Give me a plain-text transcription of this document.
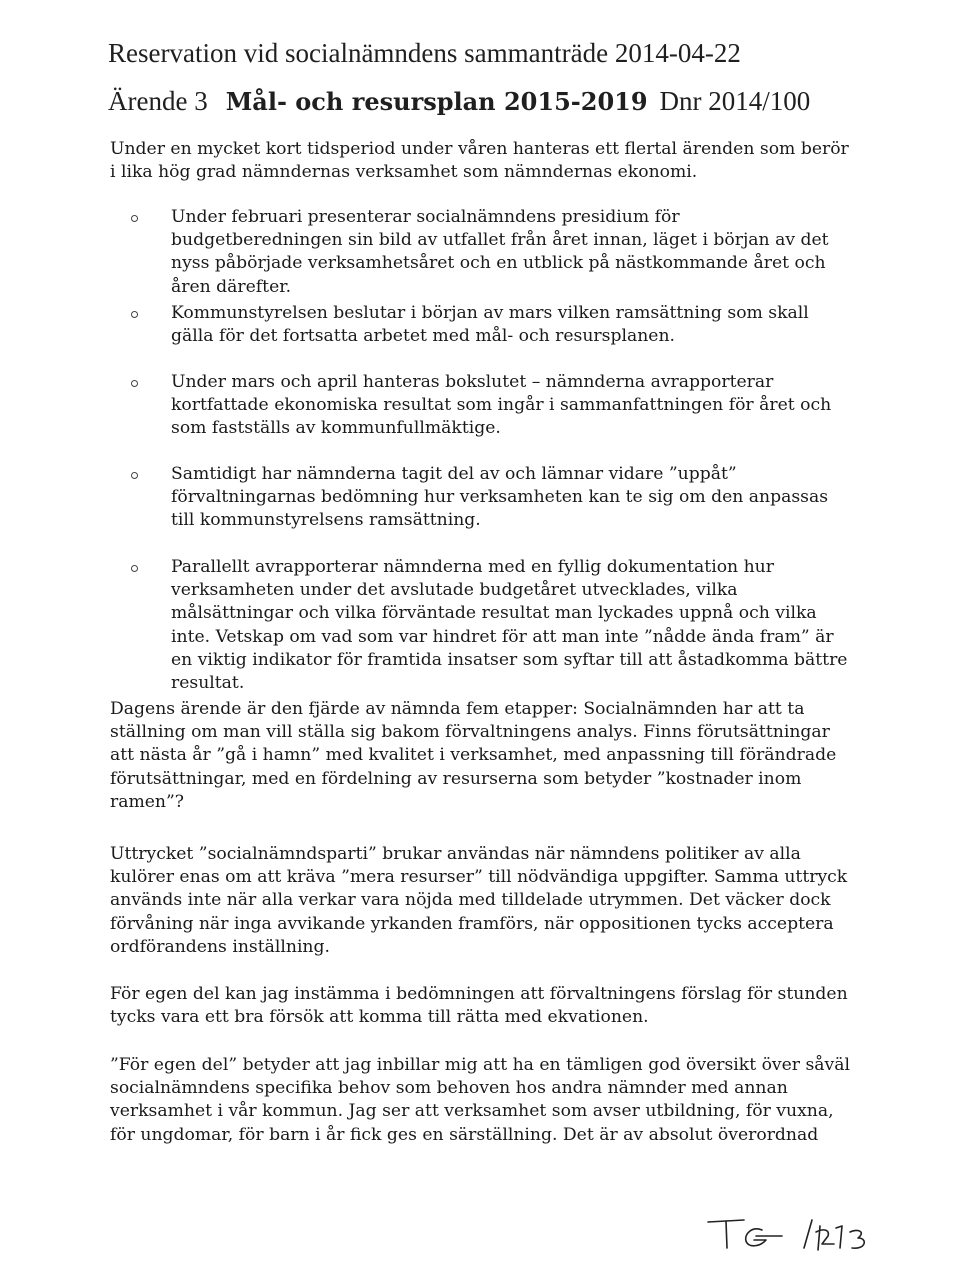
Reservation vid socialnämndens sammanträde 2014-04-22
Ärende 3 Mål- och resursplan 2015-2019 Dnr 2014/100
Under en mycket kort tidsperiod under våren hanteras ett flertal ärenden som berör i lika hög grad nämndernas verksamhet som nämndernas ekonomi.
Under februari presenterar socialnämndens presidium för budgetberedningen sin bild av utfallet från året innan, läget i början av det nyss påbörjade verksamhetsåret och en utblick på nästkommande året och åren därefter.
Kommunstyrelsen beslutar i början av mars vilken ramsättning som skall gälla för det fortsatta arbetet med mål- och resursplanen.
Under mars och april hanteras bokslutet – nämnderna avrapporterar kortfattade ekonomiska resultat som ingår i sammanfattningen för året och som fastställs av kommunfullmäktige.
Samtidigt har nämnderna tagit del av och lämnar vidare ”uppåt” förvaltningarnas bedömning hur verksamheten kan te sig om den anpassas till kommunstyrelsens ramsättning.
Parallellt avrapporterar nämnderna med en fyllig dokumentation hur verksamheten under det avslutade budgetåret utvecklades, vilka målsättningar och vilka förväntade resultat man lyckades uppnå och vilka inte. Vetskap om vad som var hindret för att man inte ”nådde ända fram” är en viktig indikator för framtida insatser som syftar till att åstadkomma bättre resultat.
Dagens ärende är den fjärde av nämnda fem etapper: Socialnämnden har att ta ställning om man vill ställa sig bakom förvaltningens analys. Finns förutsättningar att nästa år ”gå i hamn” med kvalitet i verksamhet, med anpassning till förändrade förutsättningar, med en fördelning av resurserna som betyder ”kostnader inom ramen”?
Uttrycket ”socialnämndsparti” brukar användas när nämndens politiker av alla kulörer enas om att kräva ”mera resurser” till nödvändiga uppgifter. Samma uttryck används inte när alla verkar vara nöjda med tilldelade utrymmen. Det väcker dock förvåning när inga avvikande yrkanden framförs, när oppositionen tycks acceptera ordförandens inställning.
För egen del kan jag instämma i bedömningen att förvaltningens förslag för stunden tycks vara ett bra försök att komma till rätta med ekvationen.
”För egen del” betyder att jag inbillar mig att ha en tämligen god översikt över såväl socialnämndens specifika behov som behoven hos andra nämnder med annan verksamhet i vår kommun. Jag ser att verksamhet som avser utbildning, för vuxna, för ungdomar, för barn i år fick ges en särställning. Det är av absolut överordnad
